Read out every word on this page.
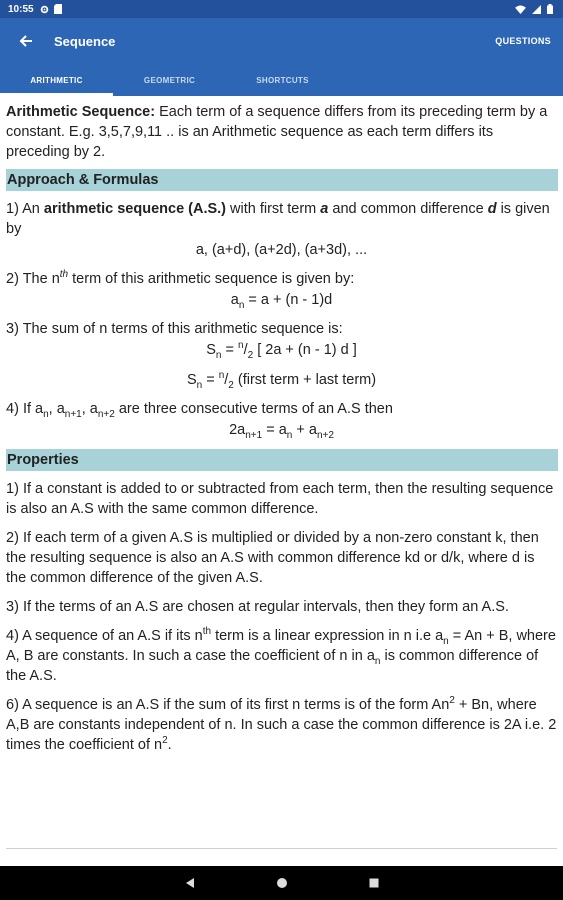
10:55
Sequence	QUESTIONS
ARITHMETIC	GEOMETRIC	SHORTCUTS

Arithmetic Sequence: Each term of a sequence differs from its preceding term by a constant. E.g. 3,5,7,9,11 .. is an Arithmetic sequence as each term differs its preceding by 2.

Approach & Formulas

1) An arithmetic sequence (A.S.) with first term a and common difference d is given by

a, (a+d), (a+2d), (a+3d), ...

2) The $n^{th}$ term of this arithmetic sequence is given by:

$a_n = a + (n - 1)d$

3) The sum of n terms of this arithmetic sequence is:

$S_n = ^n/_2$ [ 2a + (n - 1) d ]

$S_n = ^n/_2$ (first term + last term)

4) If $a_n$, $a_{n+1}$, $a_{n+2}$ are three consecutive terms of an A.S then

$2a_{n+1} = a_n + a_{n+2}$

Properties

1) If a constant is added to or subtracted from each term, then the resulting sequence is also an A.S with the same common difference.

2) If each term of a given A.S is multiplied or divided by a non-zero constant k, then the resulting sequence is also an A.S with common difference kd or d/k, where d is the common difference of the given A.S.

3) If the terms of an A.S are chosen at regular intervals, then they form an A.S.

4) A sequence of an A.S if its $n^{th}$ term is a linear expression in n i.e $a_n = An + B$, where A, B are constants. In such a case the coefficient of n in $a_n$ is common difference of the A.S.

6) A sequence is an A.S if the sum of its first n terms is of the form $An^2 + Bn$, where A,B are constants independent of n. In such a case the common difference is 2A i.e. 2 times the coefficient of $n^2$.
